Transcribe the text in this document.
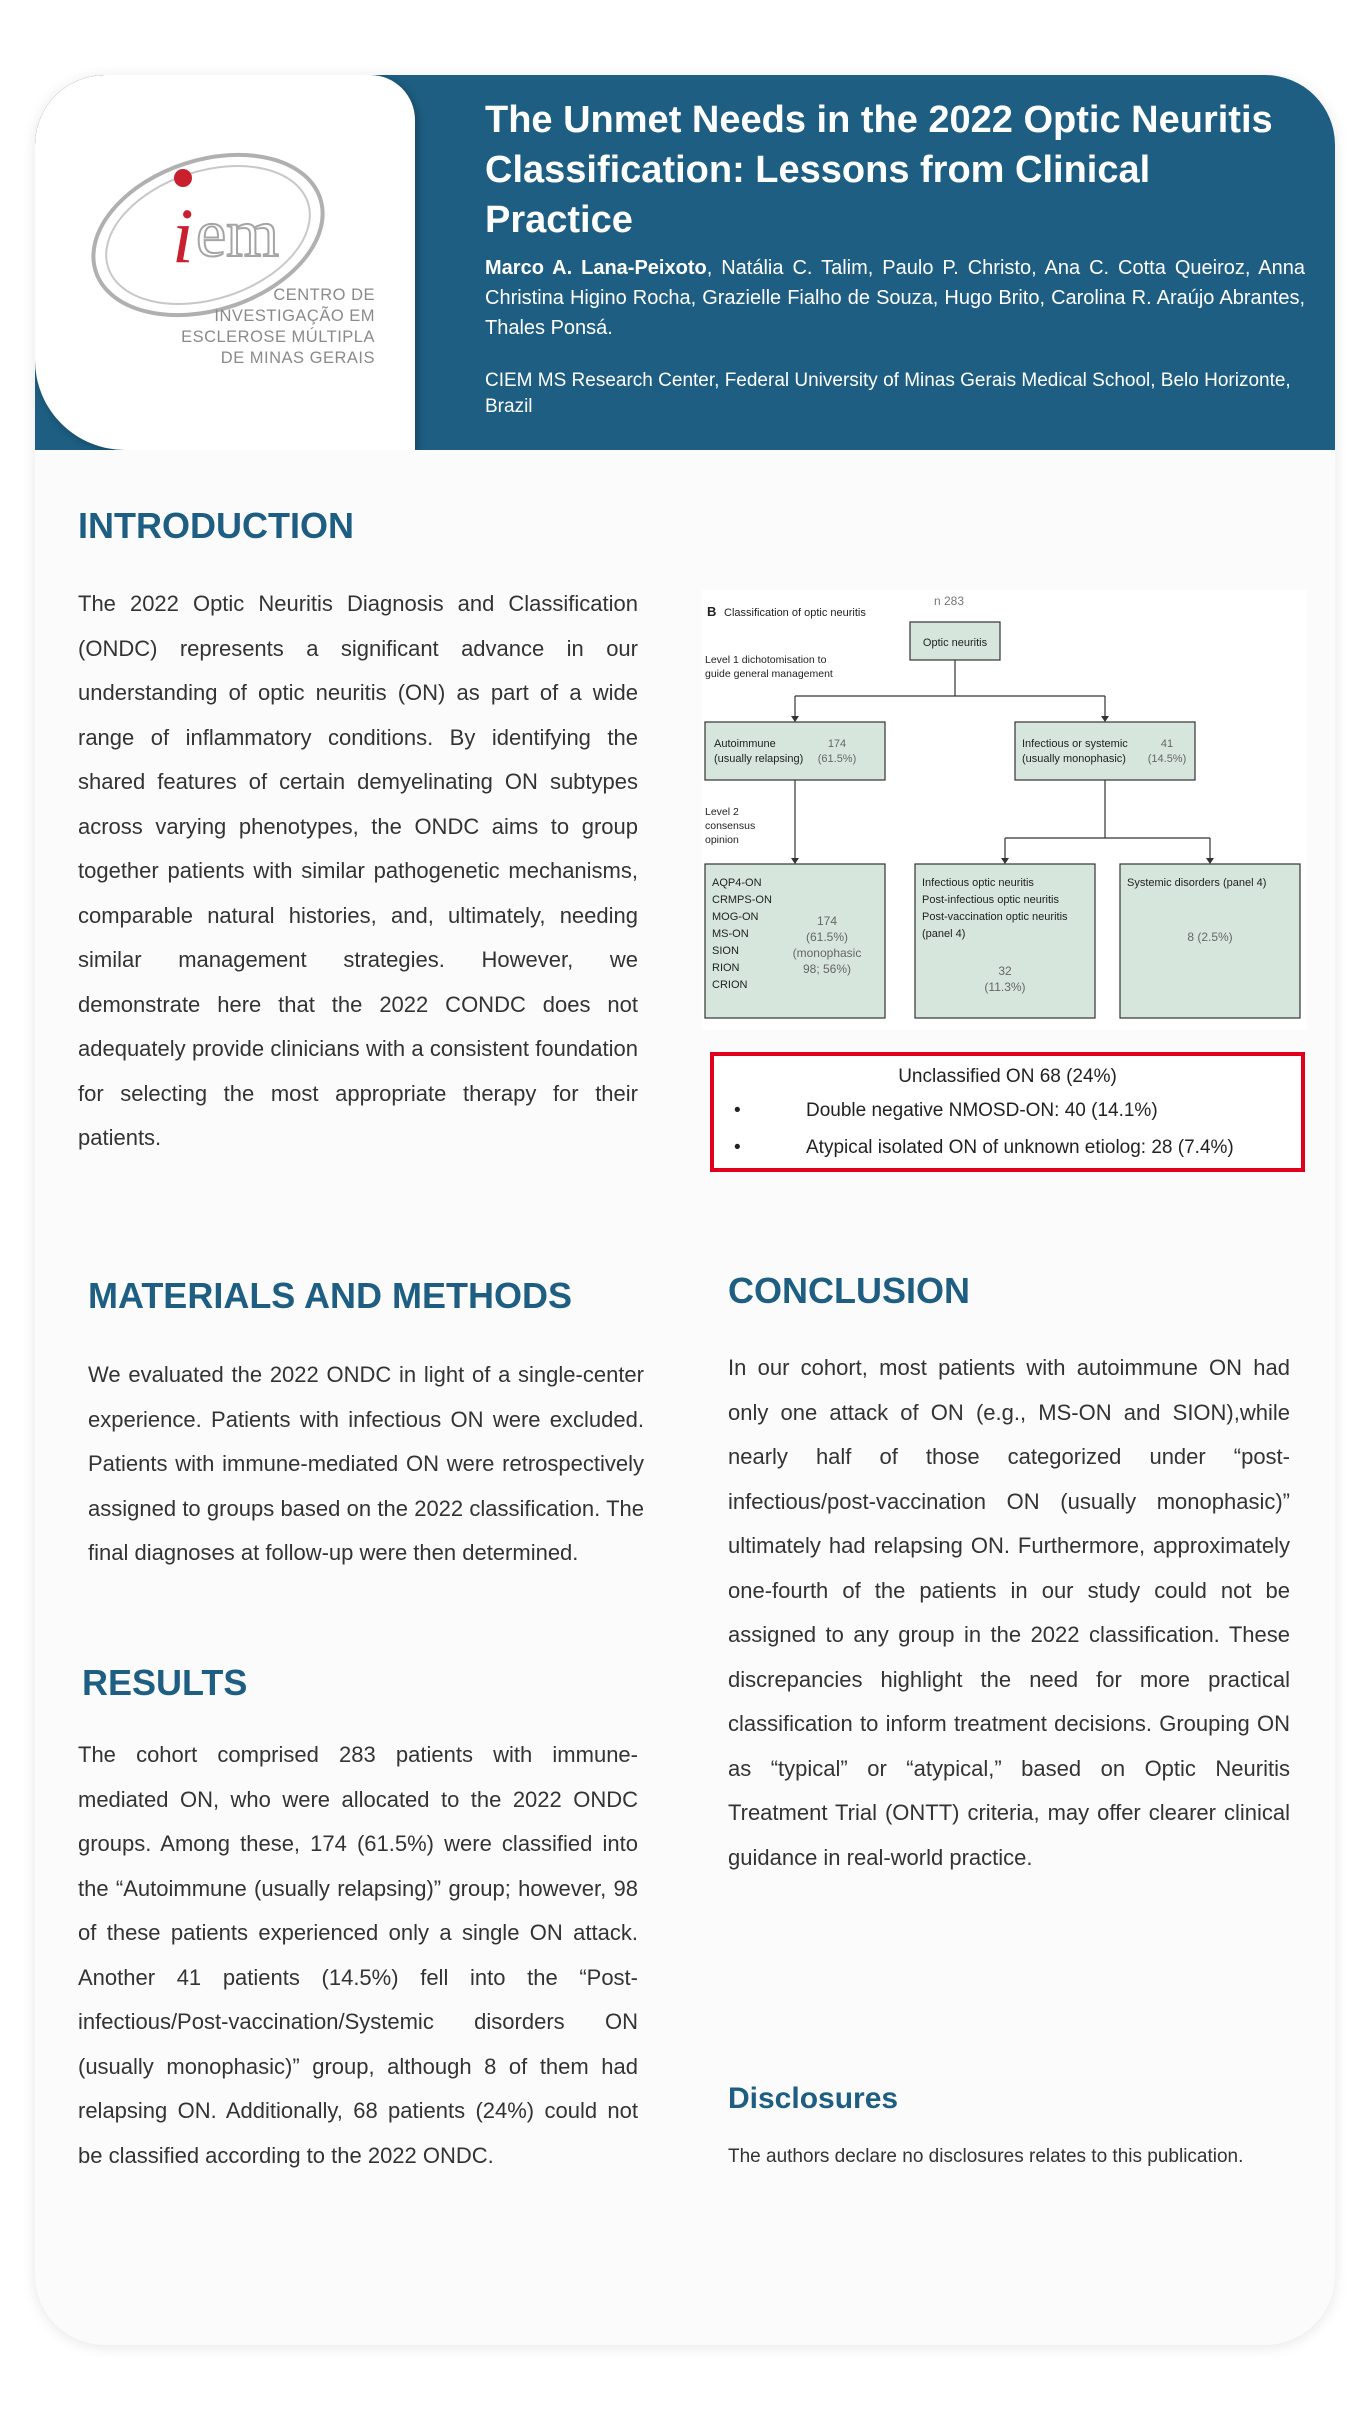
The Unmet Needs in the 2022 Optic Neuritis
Classification: Lessons from Clinical Practice
Marco A. Lana-Peixoto, Natália C. Talim, Paulo P. Christo, Ana C. Cotta Queiroz, Anna Christina Higino Rocha, Grazielle Fialho de Souza, Hugo Brito, Carolina R. Araújo Abrantes, Thales Ponsá.
CIEM MS Research Center, Federal University of Minas Gerais Medical School, Belo Horizonte, Brazil
i em
CENTRO DE
INVESTIGAÇÃO EM
ESCLEROSE MÚLTIPLA
DE MINAS GERAIS
INTRODUCTION
The 2022 Optic Neuritis Diagnosis and Classification (ONDC) represents a significant advance in our understanding of optic neuritis (ON) as part of a wide range of inflammatory conditions. By identifying the shared features of certain demyelinating ON subtypes across varying phenotypes, the ONDC aims to group together patients with similar pathogenetic mechanisms, comparable natural histories, and, ultimately, needing similar management strategies. However, we demonstrate here that the 2022 CONDC does not adequately provide clinicians with a consistent foundation for selecting the most appropriate therapy for their patients.
B Classification of optic neuritis
n 283
Optic neuritis
Level 1 dichotomisation to
guide general management
Autoimmune
(usually relapsing)
174
(61.5%)
Infectious or systemic
(usually monophasic)
41
(14.5%)
Level 2
consensus
opinion
AQP4-ON
CRMPS-ON
MOG-ON
MS-ON
SION
RION
CRION
174
(61.5%)
(monophasic
98; 56%)
Infectious optic neuritis
Post-infectious optic neuritis
Post-vaccination optic neuritis
(panel 4)
32
(11.3%)
Systemic disorders (panel 4)
8 (2.5%)
Unclassified ON 68 (24%)
•	Double negative NMOSD-ON: 40 (14.1%)
•	Atypical isolated ON of unknown etiolog: 28 (7.4%)
MATERIALS AND METHODS
We evaluated the 2022 ONDC in light of a single-center experience. Patients with infectious ON were excluded. Patients with immune-mediated ON were retrospectively assigned to groups based on the 2022 classification. The final diagnoses at follow-up were then determined.
RESULTS
The cohort comprised 283 patients with immune-mediated ON, who were allocated to the 2022 ONDC groups. Among these, 174 (61.5%) were classified into the “Autoimmune (usually relapsing)” group; however, 98 of these patients experienced only a single ON attack. Another 41 patients (14.5%) fell into the “Post-infectious/Post-vaccination/Systemic disorders ON (usually monophasic)” group, although 8 of them had relapsing ON. Additionally, 68 patients (24%) could not be classified according to the 2022 ONDC.
CONCLUSION
In our cohort, most patients with autoimmune ON had only one attack of ON (e.g., MS-ON and SION),while nearly half of those categorized under “post-infectious/post-vaccination ON (usually monophasic)” ultimately had relapsing ON. Furthermore, approximately one-fourth of the patients in our study could not be assigned to any group in the 2022 classification. These discrepancies highlight the need for more practical classification to inform treatment decisions. Grouping ON as “typical” or “atypical,” based on Optic Neuritis Treatment Trial (ONTT) criteria, may offer clearer clinical guidance in real-world practice.
Disclosures
The authors declare no disclosures relates to this publication.
